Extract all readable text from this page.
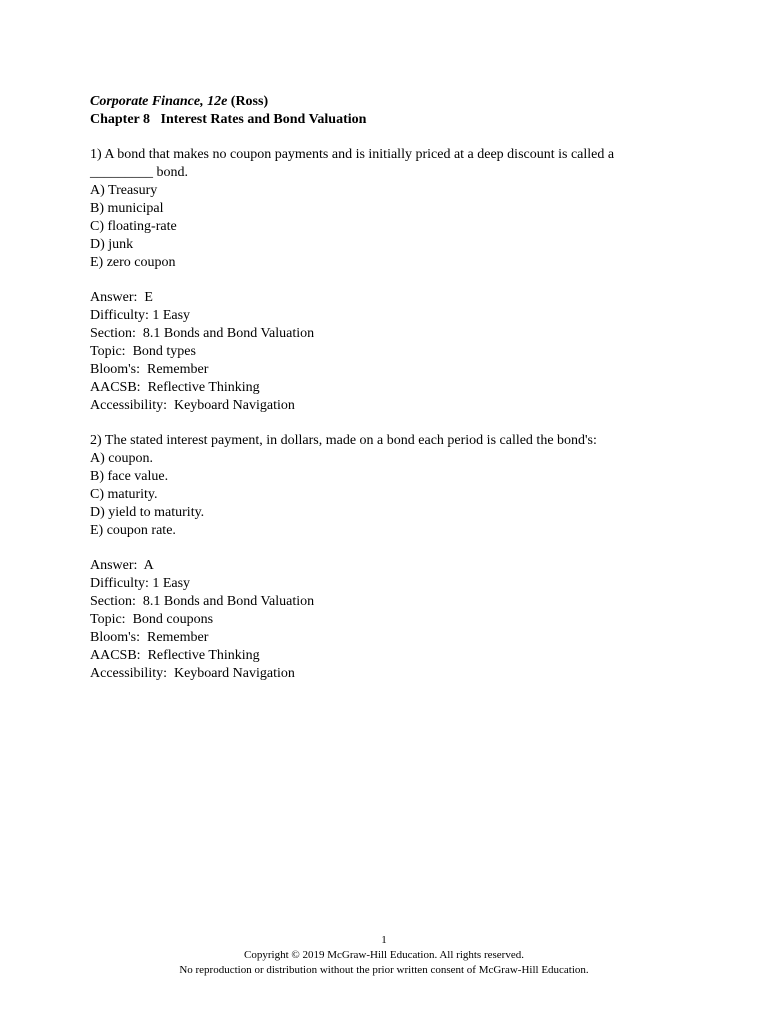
Corporate Finance, 12e (Ross)
Chapter 8   Interest Rates and Bond Valuation
1) A bond that makes no coupon payments and is initially priced at a deep discount is called a
_________ bond.
A) Treasury
B) municipal
C) floating-rate
D) junk
E) zero coupon
Answer:  E
Difficulty: 1 Easy
Section:  8.1 Bonds and Bond Valuation
Topic:  Bond types
Bloom's:  Remember
AACSB:  Reflective Thinking
Accessibility:  Keyboard Navigation
2) The stated interest payment, in dollars, made on a bond each period is called the bond's:
A) coupon.
B) face value.
C) maturity.
D) yield to maturity.
E) coupon rate.
Answer:  A
Difficulty: 1 Easy
Section:  8.1 Bonds and Bond Valuation
Topic:  Bond coupons
Bloom's:  Remember
AACSB:  Reflective Thinking
Accessibility:  Keyboard Navigation
1
Copyright © 2019 McGraw-Hill Education. All rights reserved.
No reproduction or distribution without the prior written consent of McGraw-Hill Education.
